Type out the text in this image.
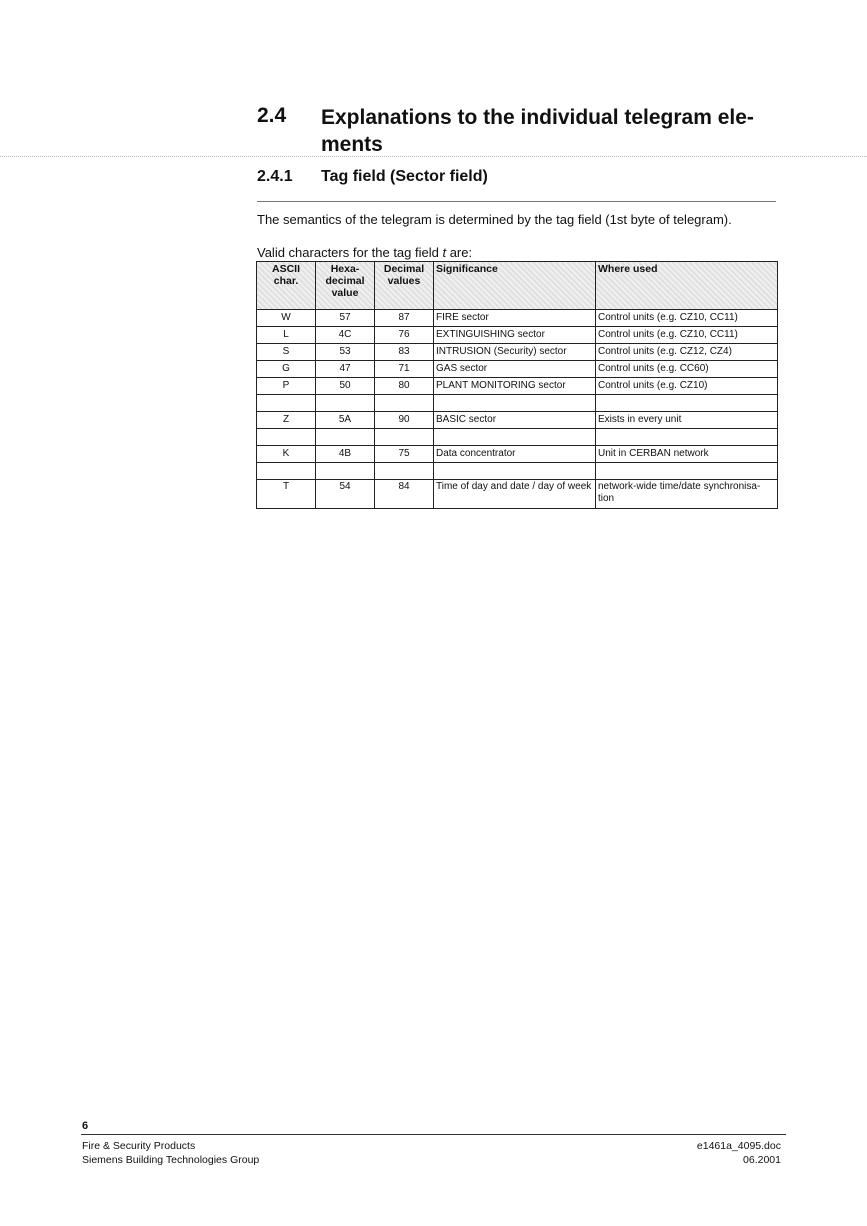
2.4 Explanations to the individual telegram ele-ments
2.4.1 Tag field (Sector field)
The semantics of the telegram is determined by the tag field (1st byte of telegram).
Valid characters for the tag field t are:
ASCII char.	Hexa-decimal value	Decimal values	Significance	Where used
W	57	87	FIRE sector	Control units (e.g. CZ10, CC11)
L	4C	76	EXTINGUISHING sector	Control units (e.g. CZ10, CC11)
S	53	83	INTRUSION (Security) sector	Control units (e.g. CZ12, CZ4)
G	47	71	GAS sector	Control units (e.g. CC60)
P	50	80	PLANT MONITORING sector	Control units (e.g. CZ10)

Z	5A	90	BASIC sector	Exists in every unit

K	4B	75	Data concentrator	Unit in CERBAN network

T	54	84	Time of day and date / day of week	network-wide time/date synchronisa-tion
6
Fire & Security Products
Siemens Building Technologies Group
e1461a_4095.doc
06.2001
